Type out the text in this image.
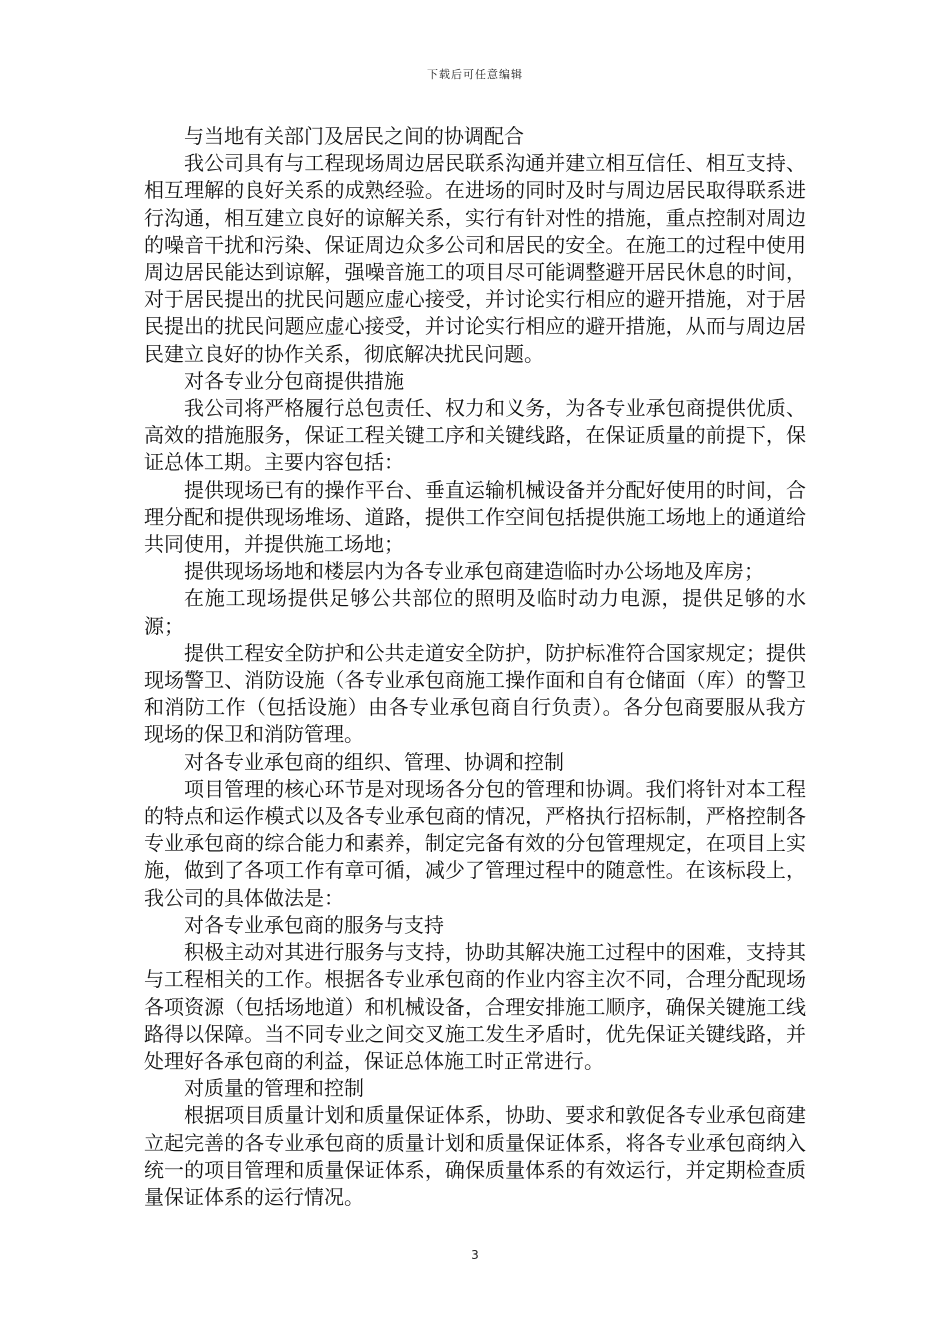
下载后可任意编辑

与当地有关部门及居民之间的协调配合

我公司具有与工程现场周边居民联系沟通并建立相互信任、相互支持、相互理解的良好关系的成熟经验。在进场的同时及时与周边居民取得联系进行沟通，相互建立良好的谅解关系，实行有针对性的措施，重点控制对周边的噪音干扰和污染、保证周边众多公司和居民的安全。在施工的过程中使用周边居民能达到谅解，强噪音施工的项目尽可能调整避开居民休息的时间，对于居民提出的扰民问题应虚心接受，并讨论实行相应的避开措施，对于居民提出的扰民问题应虚心接受，并讨论实行相应的避开措施，从而与周边居民建立良好的协作关系，彻底解决扰民问题。

对各专业分包商提供措施

我公司将严格履行总包责任、权力和义务，为各专业承包商提供优质、高效的措施服务，保证工程关键工序和关键线路，在保证质量的前提下，保证总体工期。主要内容包括：

提供现场已有的操作平台、垂直运输机械设备并分配好使用的时间，合理分配和提供现场堆场、道路，提供工作空间包括提供施工场地上的通道给共同使用，并提供施工场地；

提供现场场地和楼层内为各专业承包商建造临时办公场地及库房；

在施工现场提供足够公共部位的照明及临时动力电源，提供足够的水源；

提供工程安全防护和公共走道安全防护，防护标准符合国家规定；提供现场警卫、消防设施（各专业承包商施工操作面和自有仓储面（库）的警卫和消防工作（包括设施）由各专业承包商自行负责）。各分包商要服从我方现场的保卫和消防管理。

对各专业承包商的组织、管理、协调和控制

项目管理的核心环节是对现场各分包的管理和协调。我们将针对本工程的特点和运作模式以及各专业承包商的情况，严格执行招标制，严格控制各专业承包商的综合能力和素养，制定完备有效的分包管理规定，在项目上实施，做到了各项工作有章可循，减少了管理过程中的随意性。在该标段上，我公司的具体做法是：

对各专业承包商的服务与支持

积极主动对其进行服务与支持，协助其解决施工过程中的困难，支持其与工程相关的工作。根据各专业承包商的作业内容主次不同，合理分配现场各项资源（包括场地道）和机械设备，合理安排施工顺序，确保关键施工线路得以保障。当不同专业之间交叉施工发生矛盾时，优先保证关键线路，并处理好各承包商的利益，保证总体施工时正常进行。

对质量的管理和控制

根据项目质量计划和质量保证体系，协助、要求和敦促各专业承包商建立起完善的各专业承包商的质量计划和质量保证体系，将各专业承包商纳入统一的项目管理和质量保证体系，确保质量体系的有效运行，并定期检查质量保证体系的运行情况。

3
